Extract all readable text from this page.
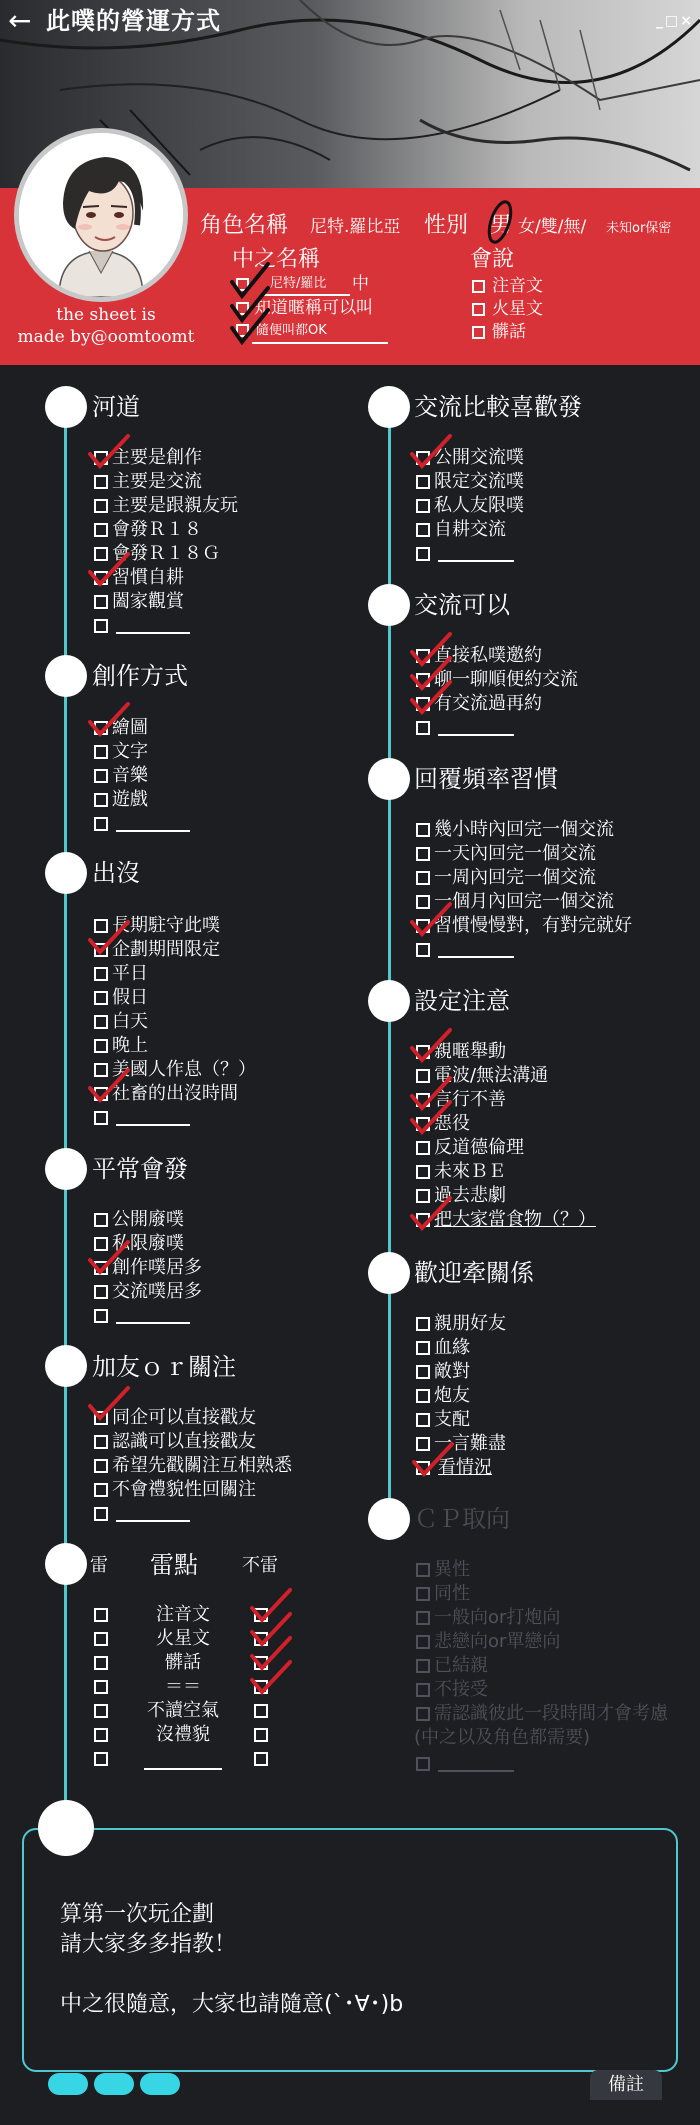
← 此噗的營運方式	_ □ ×
the sheet is
made by@oomtoomt
角色名稱 尼特.羅比亞 性別 男 女/雙/無/ 未知or保密
中之名稱	會說
尼特/羅比 中
知道暱稱可以叫
隨便叫都OK
注音文
火星文
髒話
河道
主要是創作
主要是交流
主要是跟親友玩
會發Ｒ１８
會發Ｒ１８Ｇ
習慣自耕
闔家觀賞
創作方式
繪圖
文字
音樂
遊戲
出沒
長期駐守此噗
企劃期間限定
平日
假日
白天
晚上
美國人作息（？）
社畜的出沒時間
平常會發
公開廢噗
私限廢噗
創作噗居多
交流噗居多
加友ｏｒ關注
同企可以直接戳友
認識可以直接戳友
希望先戳關注互相熟悉
不會禮貌性回關注
雷 雷點 不雷
注音文
火星文
髒話
＝＝
不讀空氣
沒禮貌
交流比較喜歡發
公開交流噗
限定交流噗
私人友限噗
自耕交流
交流可以
直接私噗邀約
聊一聊順便約交流
有交流過再約
回覆頻率習慣
幾小時內回完一個交流
一天內回完一個交流
一周內回完一個交流
一個月內回完一個交流
習慣慢慢對，有對完就好
設定注意
親暱舉動
電波/無法溝通
言行不善
惡役
反道德倫理
未來ＢＥ
過去悲劇
把大家當食物（？）
歡迎牽關係
親朋好友
血緣
敵對
炮友
支配
一言難盡
看情況
ＣＰ取向
異性
同性
一般向or打炮向
悲戀向or單戀向
已結親
不接受
需認識彼此一段時間才會考慮
(中之以及角色都需要)
算第一次玩企劃
請大家多多指教！
中之很隨意，大家也請隨意(`･∀･)b
備註
